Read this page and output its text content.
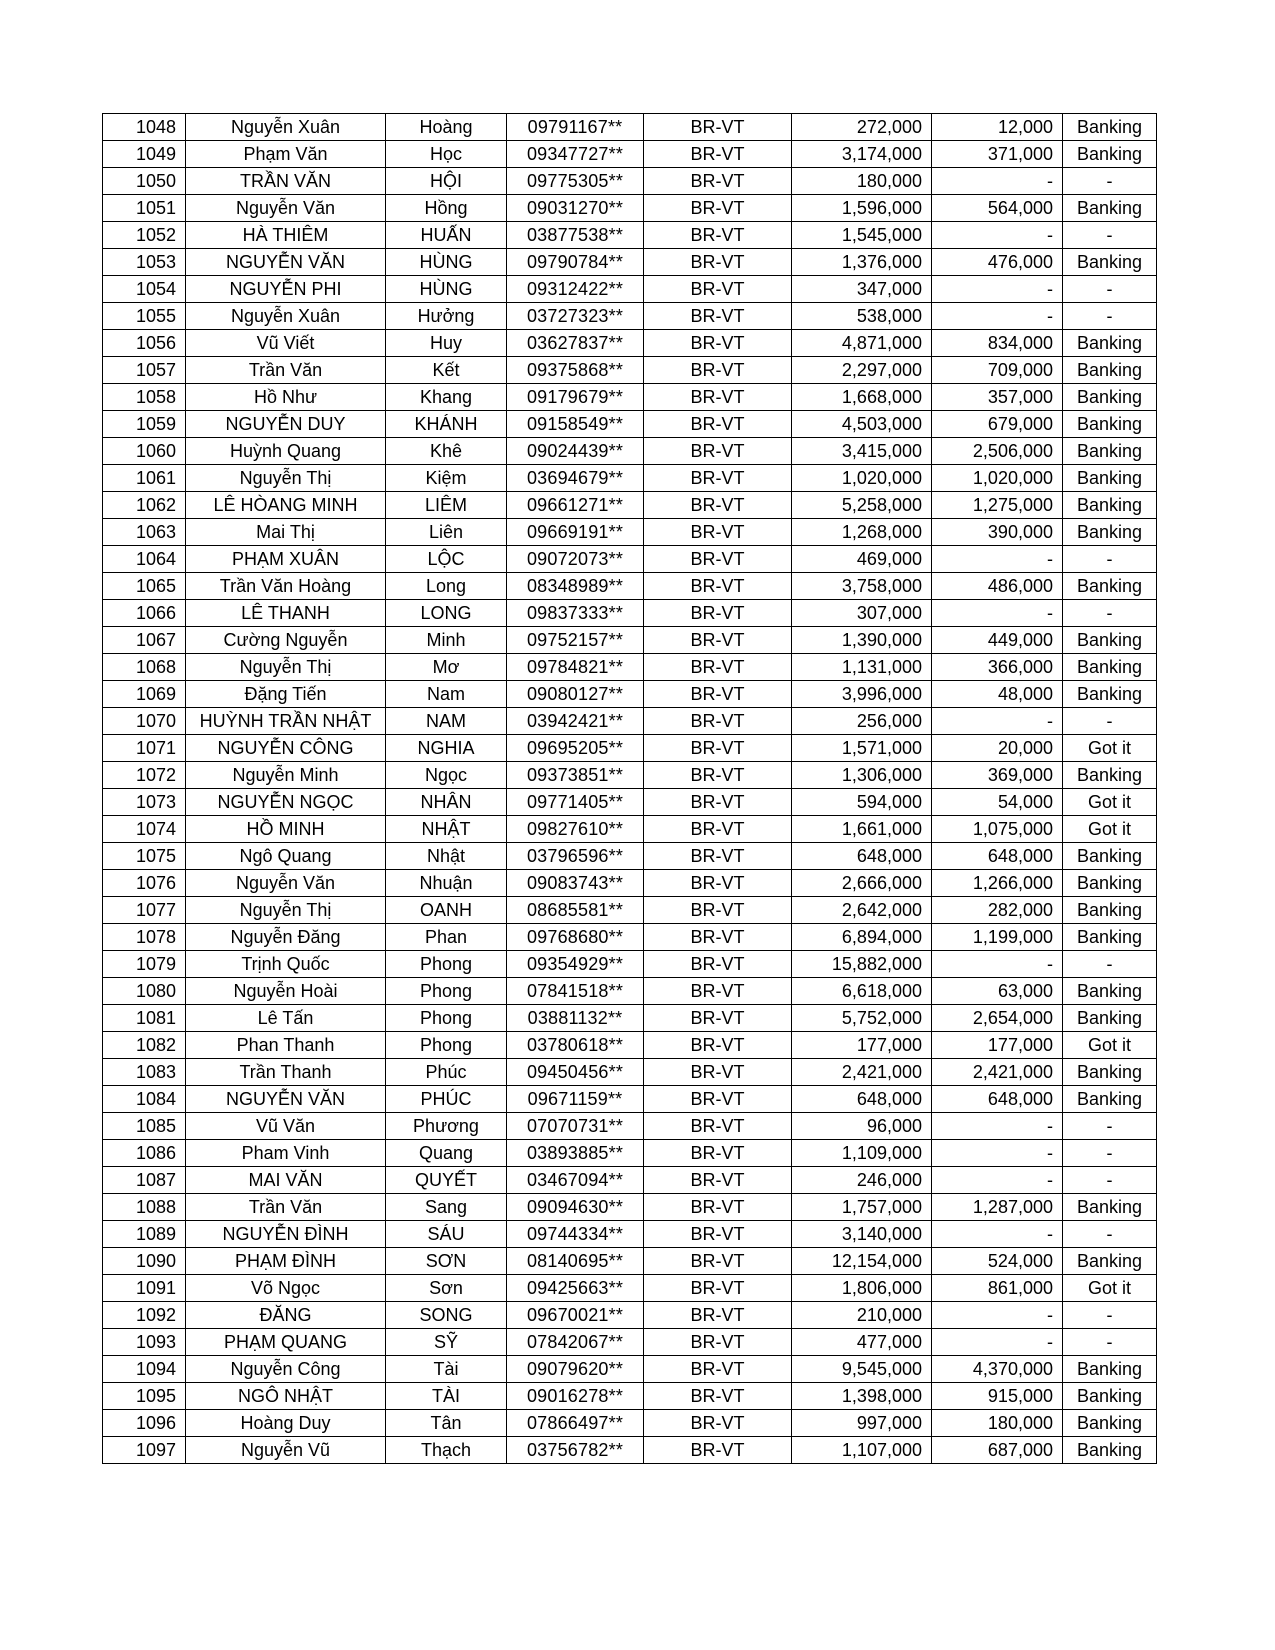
1048	Nguyễn Xuân	Hoàng	09791167**	BR-VT	272,000	12,000	Banking
1049	Phạm Văn	Học	09347727**	BR-VT	3,174,000	371,000	Banking
1050	TRẦN VĂN	HỘI	09775305**	BR-VT	180,000	-	-
1051	Nguyễn Văn	Hồng	09031270**	BR-VT	1,596,000	564,000	Banking
1052	HÀ THIÊM	HUẤN	03877538**	BR-VT	1,545,000	-	-
1053	NGUYỄN VĂN	HÙNG	09790784**	BR-VT	1,376,000	476,000	Banking
1054	NGUYỄN PHI	HÙNG	09312422**	BR-VT	347,000	-	-
1055	Nguyễn Xuân	Hưởng	03727323**	BR-VT	538,000	-	-
1056	Vũ Viết	Huy	03627837**	BR-VT	4,871,000	834,000	Banking
1057	Trần Văn	Kết	09375868**	BR-VT	2,297,000	709,000	Banking
1058	Hồ Như	Khang	09179679**	BR-VT	1,668,000	357,000	Banking
1059	NGUYỄN DUY	KHÁNH	09158549**	BR-VT	4,503,000	679,000	Banking
1060	Huỳnh Quang	Khê	09024439**	BR-VT	3,415,000	2,506,000	Banking
1061	Nguyễn Thị	Kiệm	03694679**	BR-VT	1,020,000	1,020,000	Banking
1062	LÊ HÒANG MINH	LIÊM	09661271**	BR-VT	5,258,000	1,275,000	Banking
1063	Mai Thị	Liên	09669191**	BR-VT	1,268,000	390,000	Banking
1064	PHẠM XUÂN	LỘC	09072073**	BR-VT	469,000	-	-
1065	Trần Văn Hoàng	Long	08348989**	BR-VT	3,758,000	486,000	Banking
1066	LÊ THANH	LONG	09837333**	BR-VT	307,000	-	-
1067	Cường Nguyễn	Minh	09752157**	BR-VT	1,390,000	449,000	Banking
1068	Nguyễn Thị	Mơ	09784821**	BR-VT	1,131,000	366,000	Banking
1069	Đặng Tiến	Nam	09080127**	BR-VT	3,996,000	48,000	Banking
1070	HUỲNH TRẦN NHẬT	NAM	03942421**	BR-VT	256,000	-	-
1071	NGUYỄN CÔNG	NGHIA	09695205**	BR-VT	1,571,000	20,000	Got it
1072	Nguyễn Minh	Ngọc	09373851**	BR-VT	1,306,000	369,000	Banking
1073	NGUYỄN NGỌC	NHÂN	09771405**	BR-VT	594,000	54,000	Got it
1074	HỒ MINH	NHẬT	09827610**	BR-VT	1,661,000	1,075,000	Got it
1075	Ngô Quang	Nhật	03796596**	BR-VT	648,000	648,000	Banking
1076	Nguyễn Văn	Nhuận	09083743**	BR-VT	2,666,000	1,266,000	Banking
1077	Nguyễn Thị	OANH	08685581**	BR-VT	2,642,000	282,000	Banking
1078	Nguyễn Đăng	Phan	09768680**	BR-VT	6,894,000	1,199,000	Banking
1079	Trịnh Quốc	Phong	09354929**	BR-VT	15,882,000	-	-
1080	Nguyễn Hoài	Phong	07841518**	BR-VT	6,618,000	63,000	Banking
1081	Lê Tấn	Phong	03881132**	BR-VT	5,752,000	2,654,000	Banking
1082	Phan Thanh	Phong	03780618**	BR-VT	177,000	177,000	Got it
1083	Trần Thanh	Phúc	09450456**	BR-VT	2,421,000	2,421,000	Banking
1084	NGUYỄN VĂN	PHÚC	09671159**	BR-VT	648,000	648,000	Banking
1085	Vũ Văn	Phương	07070731**	BR-VT	96,000	-	-
1086	Pham Vinh	Quang	03893885**	BR-VT	1,109,000	-	-
1087	MAI VĂN	QUYẾT	03467094**	BR-VT	246,000	-	-
1088	Trần Văn	Sang	09094630**	BR-VT	1,757,000	1,287,000	Banking
1089	NGUYỄN ĐÌNH	SÁU	09744334**	BR-VT	3,140,000	-	-
1090	PHẠM ĐÌNH	SƠN	08140695**	BR-VT	12,154,000	524,000	Banking
1091	Võ Ngọc	Sơn	09425663**	BR-VT	1,806,000	861,000	Got it
1092	ĐĂNG	SONG	09670021**	BR-VT	210,000	-	-
1093	PHẠM QUANG	SỸ	07842067**	BR-VT	477,000	-	-
1094	Nguyễn Công	Tài	09079620**	BR-VT	9,545,000	4,370,000	Banking
1095	NGÔ NHẬT	TÀI	09016278**	BR-VT	1,398,000	915,000	Banking
1096	Hoàng Duy	Tân	07866497**	BR-VT	997,000	180,000	Banking
1097	Nguyễn Vũ	Thạch	03756782**	BR-VT	1,107,000	687,000	Banking
